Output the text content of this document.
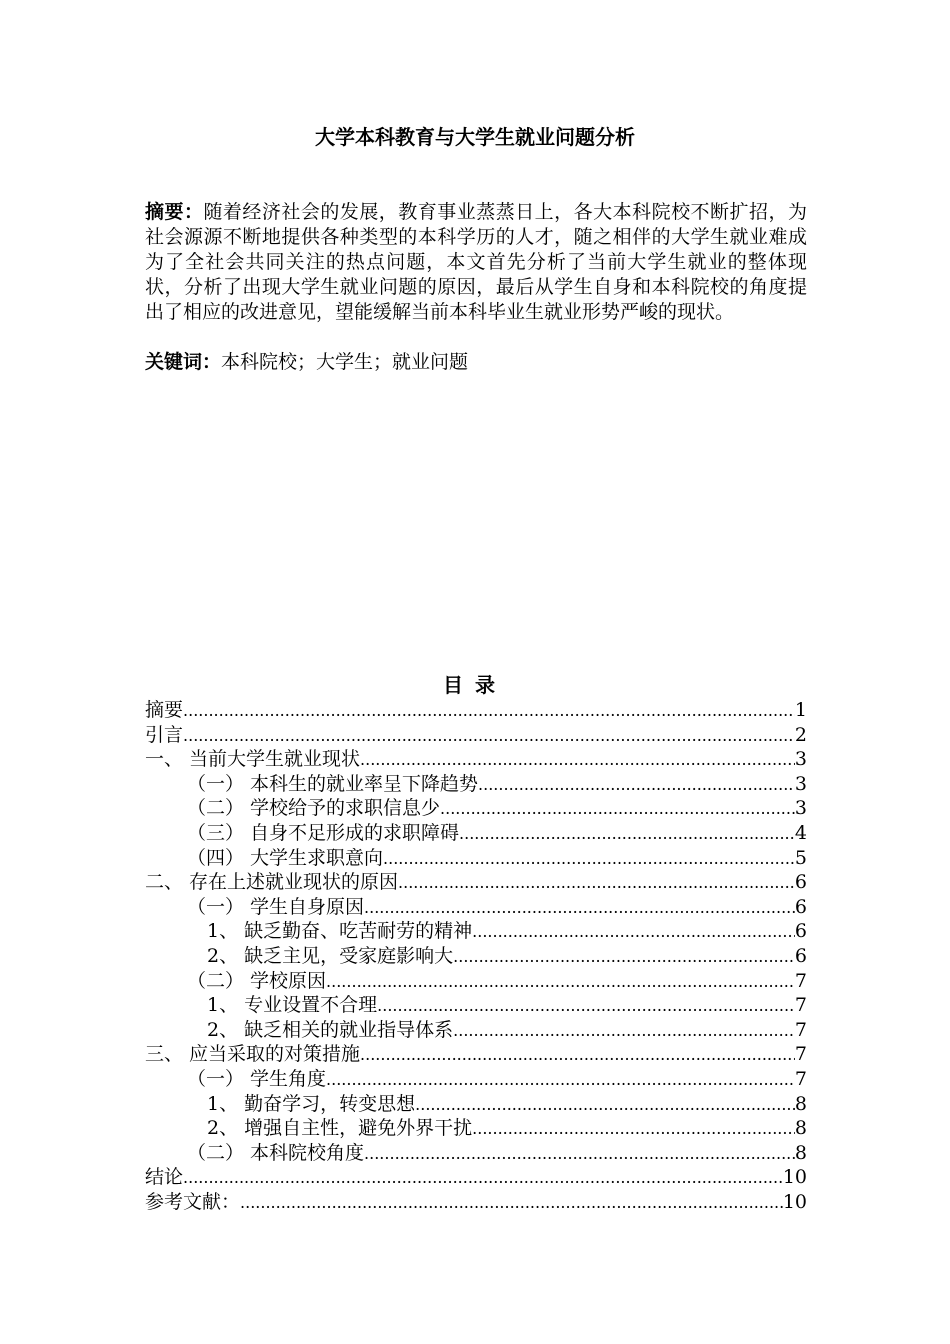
大学本科教育与大学生就业问题分析
摘要：随着经济社会的发展，教育事业蒸蒸日上，各大本科院校不断扩招，为社会源源不断地提供各种类型的本科学历的人才，随之相伴的大学生就业难成为了全社会共同关注的热点问题，本文首先分析了当前大学生就业的整体现状，分析了出现大学生就业问题的原因，最后从学生自身和本科院校的角度提出了相应的改进意见，望能缓解当前本科毕业生就业形势严峻的现状。
关键词：本科院校；大学生；就业问题
目录
摘要 .....	1
引言 .....	2
一、 当前大学生就业现状 .....	3
（一） 本科生的就业率呈下降趋势 .....	3
（二） 学校给予的求职信息少 .....	3
（三） 自身不足形成的求职障碍 .....	4
（四） 大学生求职意向 .....	5
二、 存在上述就业现状的原因 .....	6
（一） 学生自身原因 .....	6
1、 缺乏勤奋、吃苦耐劳的精神 .....	6
2、 缺乏主见，受家庭影响大 .....	6
（二） 学校原因 .....	7
1、 专业设置不合理 .....	7
2、 缺乏相关的就业指导体系 .....	7
三、 应当采取的对策措施 .....	7
（一） 学生角度 .....	7
1、 勤奋学习，转变思想 .....	8
2、 增强自主性，避免外界干扰 .....	8
（二） 本科院校角度 .....	8
结论 .....	10
参考文献： .....	10
